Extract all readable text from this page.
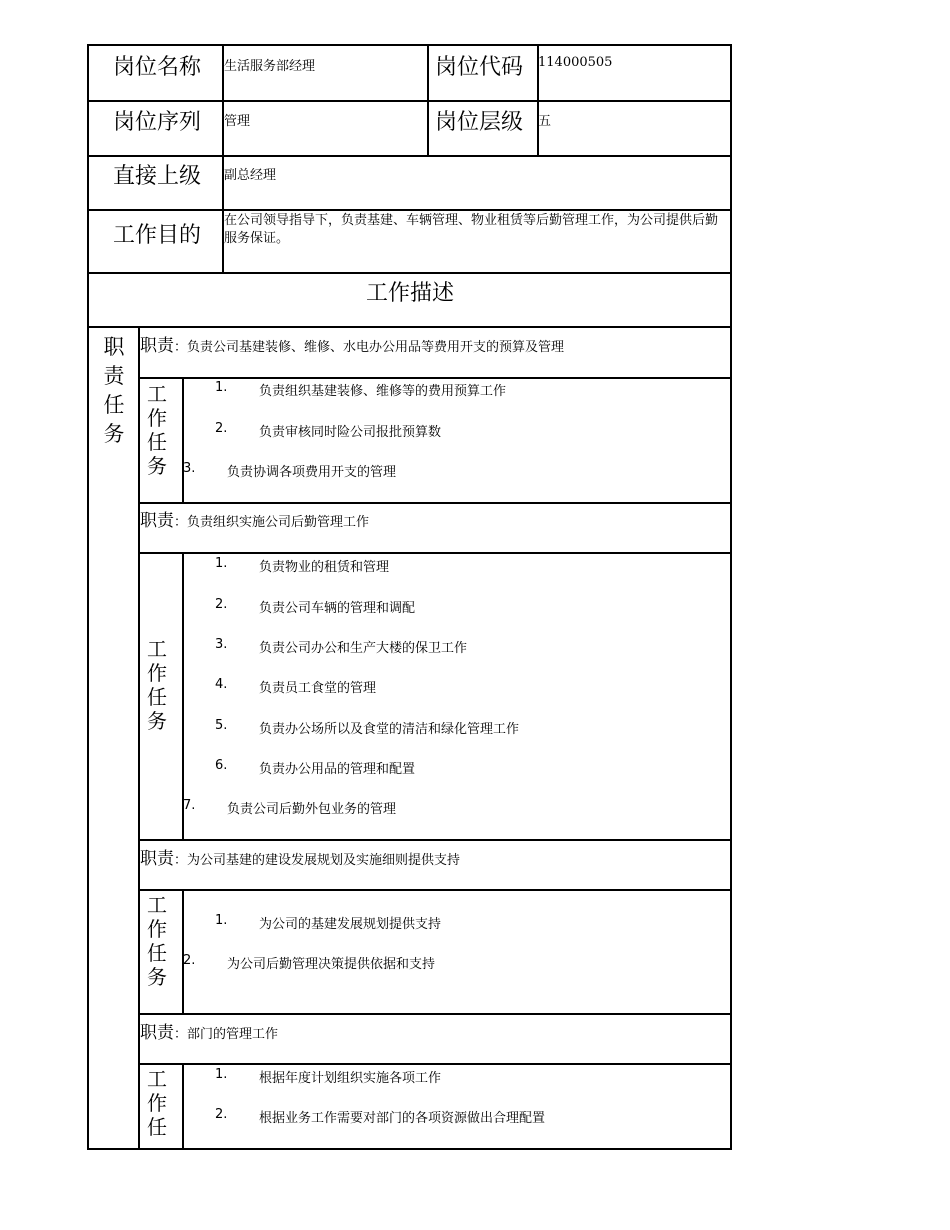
岗位名称 生活服务部经理	岗位代码 114000505
岗位序列 管理	岗位层级 五
直接上级 副总经理
工作目的
在公司领导指导下，负责基建、车辆管理、物业租赁等后勤管理工作，为公司提供后勤服务保证。
工作描述
职责任务
职责：负责公司基建装修、维修、水电办公用品等费用开支的预算及管理
工作任务
1. 负责组织基建装修、维修等的费用预算工作
2. 负责审核同时险公司报批预算数
3. 负责协调各项费用开支的管理
职责：负责组织实施公司后勤管理工作
工作任务
1. 负责物业的租赁和管理
2. 负责公司车辆的管理和调配
3. 负责公司办公和生产大楼的保卫工作
4. 负责员工食堂的管理
5. 负责办公场所以及食堂的清洁和绿化管理工作
6. 负责办公用品的管理和配置
7. 负责公司后勤外包业务的管理
职责：为公司基建的建设发展规划及实施细则提供支持
工作任务
1. 为公司的基建发展规划提供支持
2. 为公司后勤管理决策提供依据和支持
职责：部门的管理工作
工作任
1. 根据年度计划组织实施各项工作
2. 根据业务工作需要对部门的各项资源做出合理配置
